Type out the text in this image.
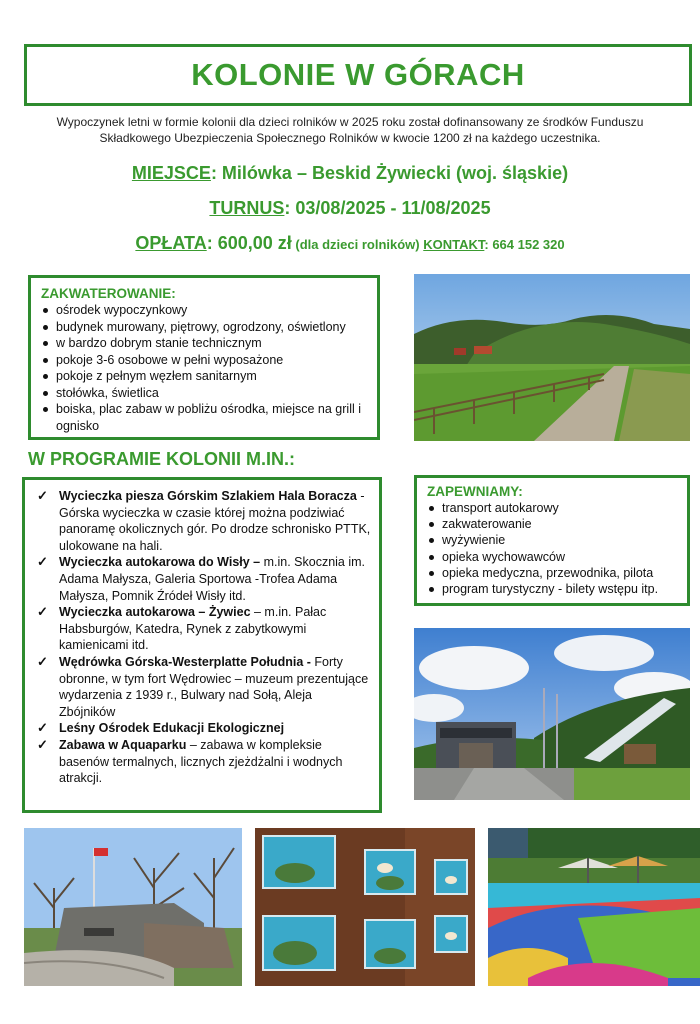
KOLONIE W GÓRACH

Wypoczynek letni w formie kolonii dla dzieci rolników w 2025 roku został dofinansowany ze środków Funduszu Składkowego Ubezpieczenia Społecznego Rolników w kwocie 1200 zł na każdego uczestnika.

MIEJSCE: Milówka – Beskid Żywiecki (woj. śląskie)
TURNUS: 03/08/2025 - 11/08/2025
OPŁATA: 600,00 zł (dla dzieci rolników) KONTAKT: 664 152 320
ZAKWATEROWANIE:
ośrodek wypoczynkowy
budynek murowany, piętrowy, ogrodzony, oświetlony
w bardzo dobrym stanie technicznym
pokoje 3-6 osobowe w pełni wyposażone
pokoje z pełnym węzłem sanitarnym
stołówka, świetlica
boiska, plac zabaw w pobliżu ośrodka, miejsce na grill i ognisko
W PROGRAMIE KOLONII M.IN.:
✓ Wycieczka piesza Górskim Szlakiem Hala Boracza - Górska wycieczka w czasie której można podziwiać panoramę okolicznych gór. Po drodze schronisko PTTK, ulokowane na hali.
✓ Wycieczka autokarowa do Wisły – m.in. Skocznia im. Adama Małysza, Galeria Sportowa -Trofea Adama Małysza, Pomnik Źródeł Wisły itd.
✓ Wycieczka autokarowa – Żywiec – m.in. Pałac Habsburgów, Katedra, Rynek z zabytkowymi kamienicami itd.
✓ Wędrówka Górska-Westerplatte Południa - Forty obronne, w tym fort Wędrowiec – muzeum prezentujące wydarzenia z 1939 r., Bulwary nad Sołą, Aleja Zbójników
✓ Leśny Ośrodek Edukacji Ekologicznej
✓ Zabawa w Aquaparku – zabawa w kompleksie basenów termalnych, licznych zjeżdżalni i wodnych atrakcji.
ZAPEWNIAMY:
transport autokarowy
zakwaterowanie
wyżywienie
opieka wychowawców
opieka medyczna, przewodnika, pilota
program turystyczny - bilety wstępu itp.
